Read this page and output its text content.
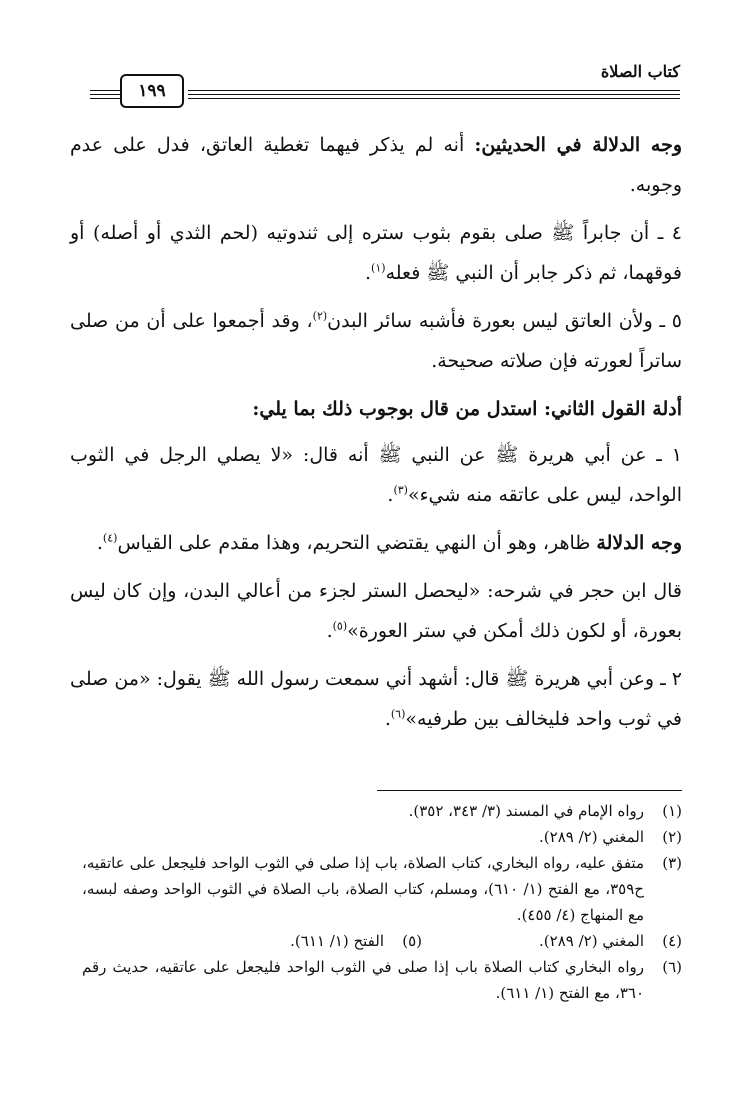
كتاب الصلاة
١٩٩

وجه الدلالة في الحديثين: أنه لم يذكر فيهما تغطية العاتق، فدل على عدم وجوبه.

٤ ـ أن جابراً ﷺ صلى بقوم بثوب ستره إلى ثندوتيه (لحم الثدي أو أصله) أو فوقهما، ثم ذكر جابر أن النبي ﷺ فعله$^{(١)}$.

٥ ـ ولأن العاتق ليس بعورة فأشبه سائر البدن$^{(٢)}$، وقد أجمعوا على أن من صلى ساتراً لعورته فإن صلاته صحيحة.

أدلة القول الثاني: استدل من قال بوجوب ذلك بما يلي:

١ ـ عن أبي هريرة ﷺ عن النبي ﷺ أنه قال: «لا يصلي الرجل في الثوب الواحد، ليس على عاتقه منه شيء»$^{(٣)}$.

وجه الدلالة ظاهر، وهو أن النهي يقتضي التحريم، وهذا مقدم على القياس$^{(٤)}$.

قال ابن حجر في شرحه: «ليحصل الستر لجزء من أعالي البدن، وإن كان ليس بعورة، أو لكون ذلك أمكن في ستر العورة»$^{(٥)}$.

٢ ـ وعن أبي هريرة ﷺ قال: أشهد أني سمعت رسول الله ﷺ يقول: «من صلى في ثوب واحد فليخالف بين طرفيه»$^{(٦)}$.

(١)
رواه الإمام في المسند (٣/ ٣٤٣، ٣٥٢).
(٢)
المغني (٢/ ٢٨٩).
(٣)
متفق عليه، رواه البخاري، كتاب الصلاة، باب إذا صلى في الثوب الواحد فليجعل على عاتقيه، ح٣٥٩، مع الفتح (١/ ٦١٠)، ومسلم، كتاب الصلاة، باب الصلاة في الثوب الواحد وصفه لبسه، مع المنهاج (٤/ ٤٥٥).
(٤)
المغني (٢/ ٢٨٩).
(٥)
الفتح (١/ ٦١١).
(٦)
رواه البخاري كتاب الصلاة باب إذا صلى في الثوب الواحد فليجعل على عاتقيه، حديث رقم ٣٦٠، مع الفتح (١/ ٦١١).
